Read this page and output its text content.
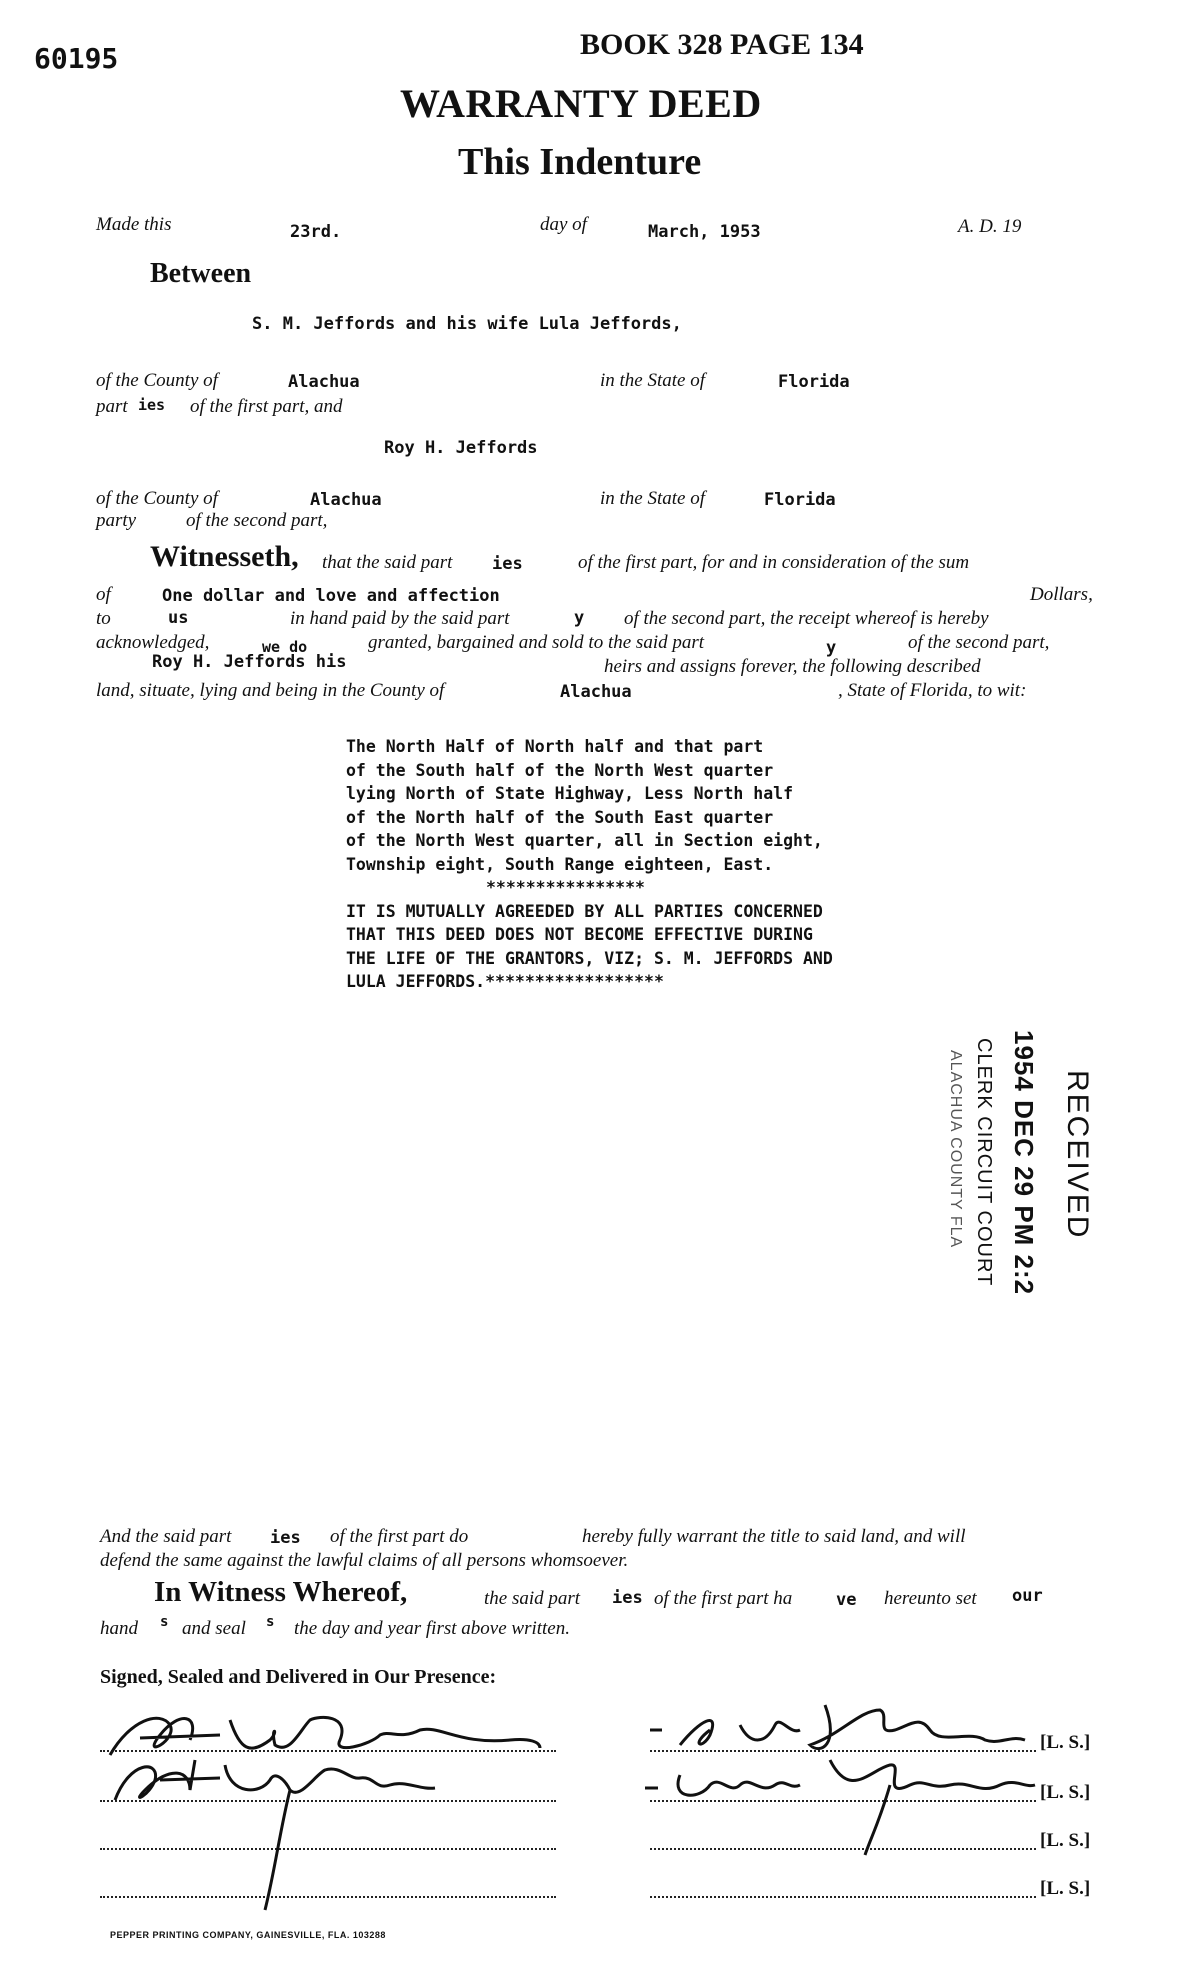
60195	BOOK 328 PAGE 134
WARRANTY DEED
This Indenture
Made this	23rd.	day of	March, 1953	A. D. 19
Between
S. M. Jeffords and his wife Lula Jeffords,
of the County of	Alachua	in the State of	Florida
part ies of the first part, and
Roy H. Jeffords
of the County of	Alachua	in the State of	Florida
party	of the second part,
Witnesseth, that the said part ies	of the first part, for and in consideration of the sum
of	One dollar and love and affection	Dollars,
to	us	in hand paid by the said part	y of the second part, the receipt whereof is hereby
acknowledged,	we do	granted, bargained and sold to the said part	y	of the second part,
Roy H. Jeffords his	heirs and assigns forever, the following described
land, situate, lying and being in the County of	Alachua	, State of Florida, to wit:
The North Half of North half and that part
of the South half of the North West quarter
lying North of State Highway, Less North half
of the North half of the South East quarter
of the North West quarter, all in Section eight,
Township eight, South Range eighteen, East.
****************
IT IS MUTUALLY AGREEDED BY ALL PARTIES CONCERNED
THAT THIS DEED DOES NOT BECOME EFFECTIVE DURING
THE LIFE OF THE GRANTORS, VIZ; S. M. JEFFORDS AND
LULA JEFFORDS.******************
RECEIVED
1954 DEC 29 PM 2:2
CLERK CIRCUIT COURT
ALACHUA COUNTY FLA
And the said part ies of the first part do	hereby fully warrant the title to said land, and will
defend the same against the lawful claims of all persons whomsoever.
In Witness Whereof,	the said part ies of the first part ha	ve hereunto set our
hand s and seal s the day and year first above written.
Signed, Sealed and Delivered in Our Presence:
[L. S.]
[L. S.]
[L. S.]
[L. S.]
PEPPER PRINTING COMPANY, GAINESVILLE, FLA. 103288
